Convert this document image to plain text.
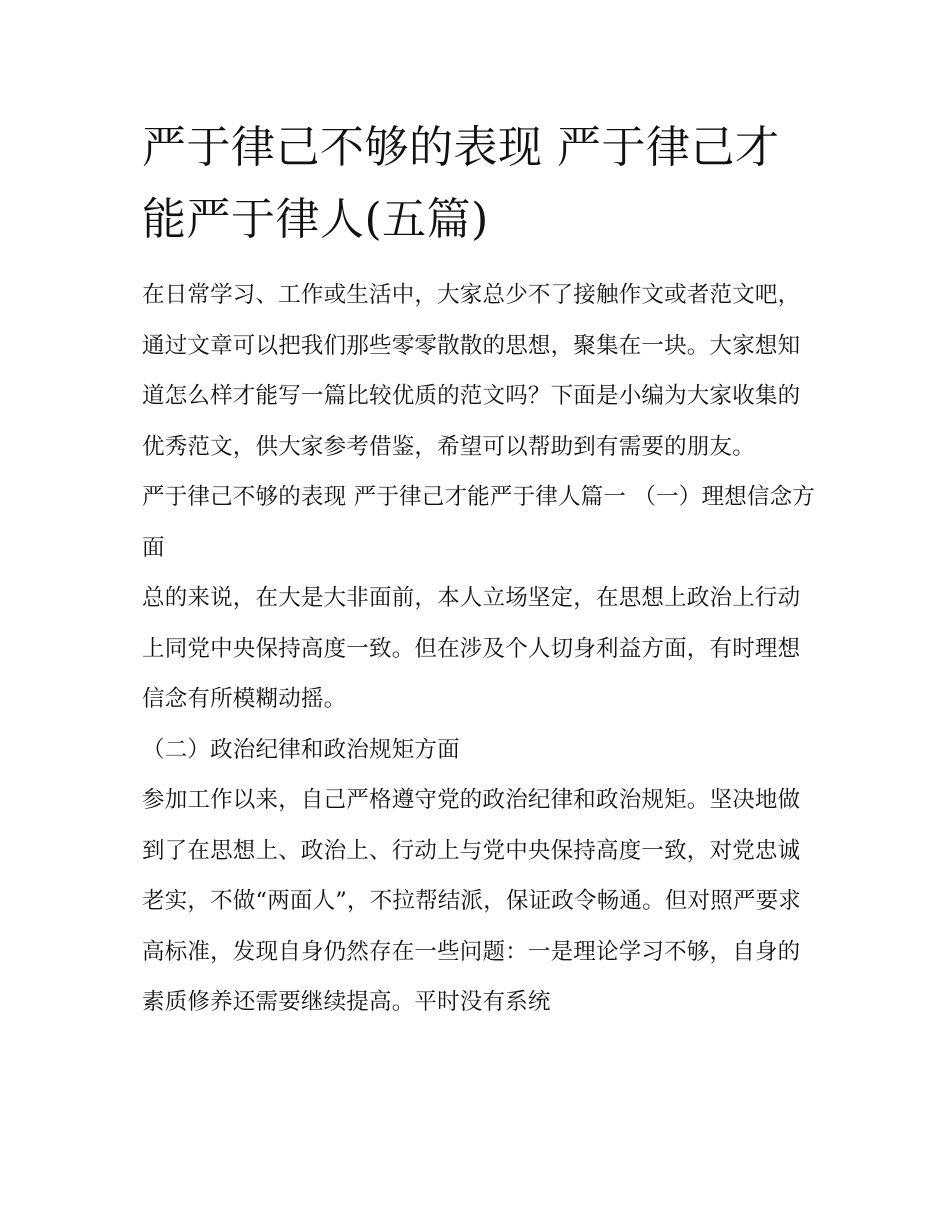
严于律己不够的表现 严于律己才能严于律人(五篇)

在日常学习、工作或生活中，大家总少不了接触作文或者范文吧，通过文章可以把我们那些零零散散的思想，聚集在一块。大家想知道怎么样才能写一篇比较优质的范文吗？下面是小编为大家收集的优秀范文，供大家参考借鉴，希望可以帮助到有需要的朋友。

严于律己不够的表现 严于律己才能严于律人篇一 （一）理想信念方面

总的来说，在大是大非面前，本人立场坚定，在思想上政治上行动上同党中央保持高度一致。但在涉及个人切身利益方面，有时理想信念有所模糊动摇。

（二）政治纪律和政治规矩方面

参加工作以来，自己严格遵守党的政治纪律和政治规矩。坚决地做到了在思想上、政治上、行动上与党中央保持高度一致，对党忠诚老实，不做“两面人”，不拉帮结派，保证政令畅通。但对照严要求高标准，发现自身仍然存在一些问题：一是理论学习不够，自身的素质修养还需要继续提高。平时没有系统
